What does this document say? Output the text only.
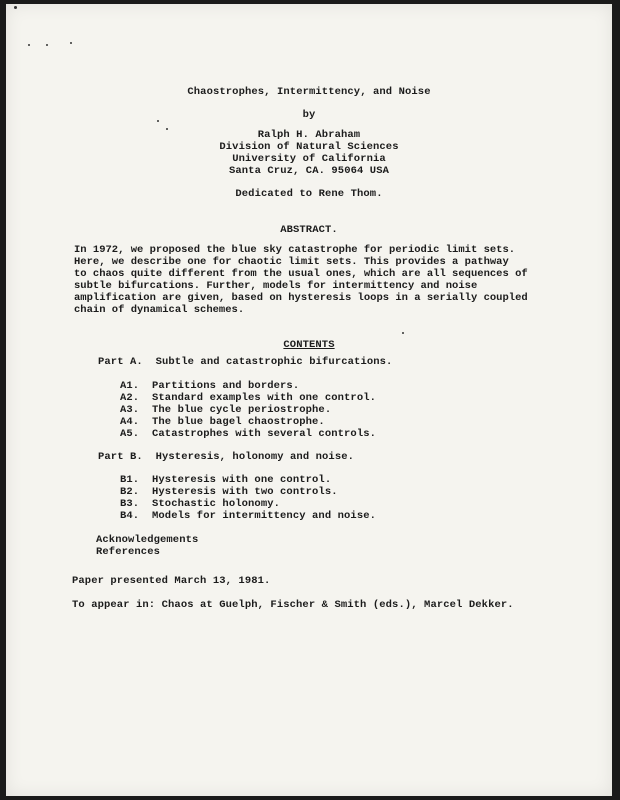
Chaostrophes, Intermittency, and Noise
by
Ralph H. Abraham
Division of Natural Sciences
University of California
Santa Cruz, CA. 95064 USA
Dedicated to Rene Thom.
ABSTRACT.
In 1972, we proposed the blue sky catastrophe for periodic limit sets.
Here, we describe one for chaotic limit sets. This provides a pathway
to chaos quite different from the usual ones, which are all sequences of
subtle bifurcations. Further, models for intermittency and noise
amplification are given, based on hysteresis loops in a serially coupled
chain of dynamical schemes.
CONTENTS
Part A.  Subtle and catastrophic bifurcations.
A1.  Partitions and borders.
A2.  Standard examples with one control.
A3.  The blue cycle periostrophe.
A4.  The blue bagel chaostrophe.
A5.  Catastrophes with several controls.
Part B.  Hysteresis, holonomy and noise.
B1.  Hysteresis with one control.
B2.  Hysteresis with two controls.
B3.  Stochastic holonomy.
B4.  Models for intermittency and noise.
Acknowledgements
References
Paper presented March 13, 1981.
To appear in: Chaos at Guelph, Fischer & Smith (eds.), Marcel Dekker.
